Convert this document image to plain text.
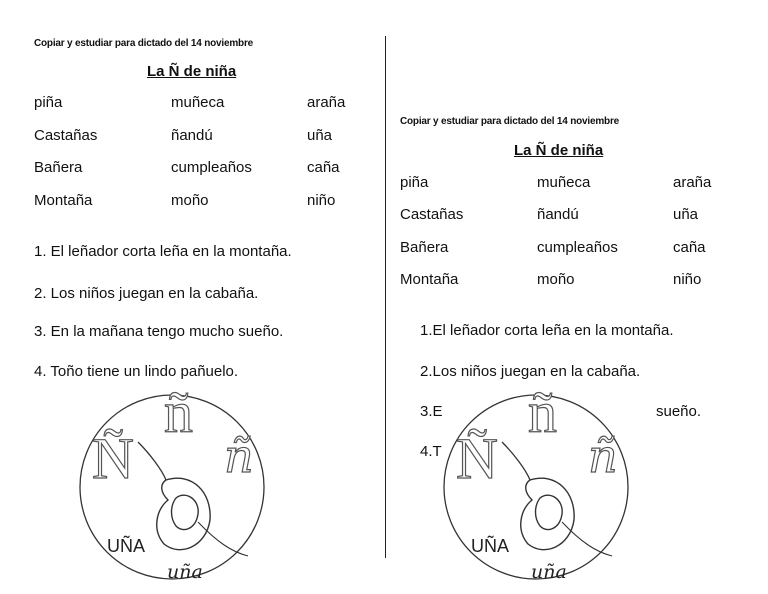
Copiar y estudiar para dictado del 14 noviembre
La Ñ de niña
piña	muñeca	araña
Castañas	ñandú	uña
Bañera	cumpleaños	caña
Montaña	moño	niño
1. El leñador corta leña en la montaña.
2. Los niños juegan en la cabaña.
3. En la mañana tengo mucho sueño.
4. Toño tiene un lindo pañuelo.
Ñ
ñ
ñ
UÑA
uña
Copiar y estudiar para dictado del 14 noviembre
La Ñ de niña
piña	muñeca	araña
Castañas	ñandú	uña
Bañera	cumpleaños	caña
Montaña	moño	niño
1.El leñador corta leña en la montaña.
2.Los niños juegan en la cabaña.
3.E	sueño.
4.T Ñ
ñ
ñ
UÑA
uña
